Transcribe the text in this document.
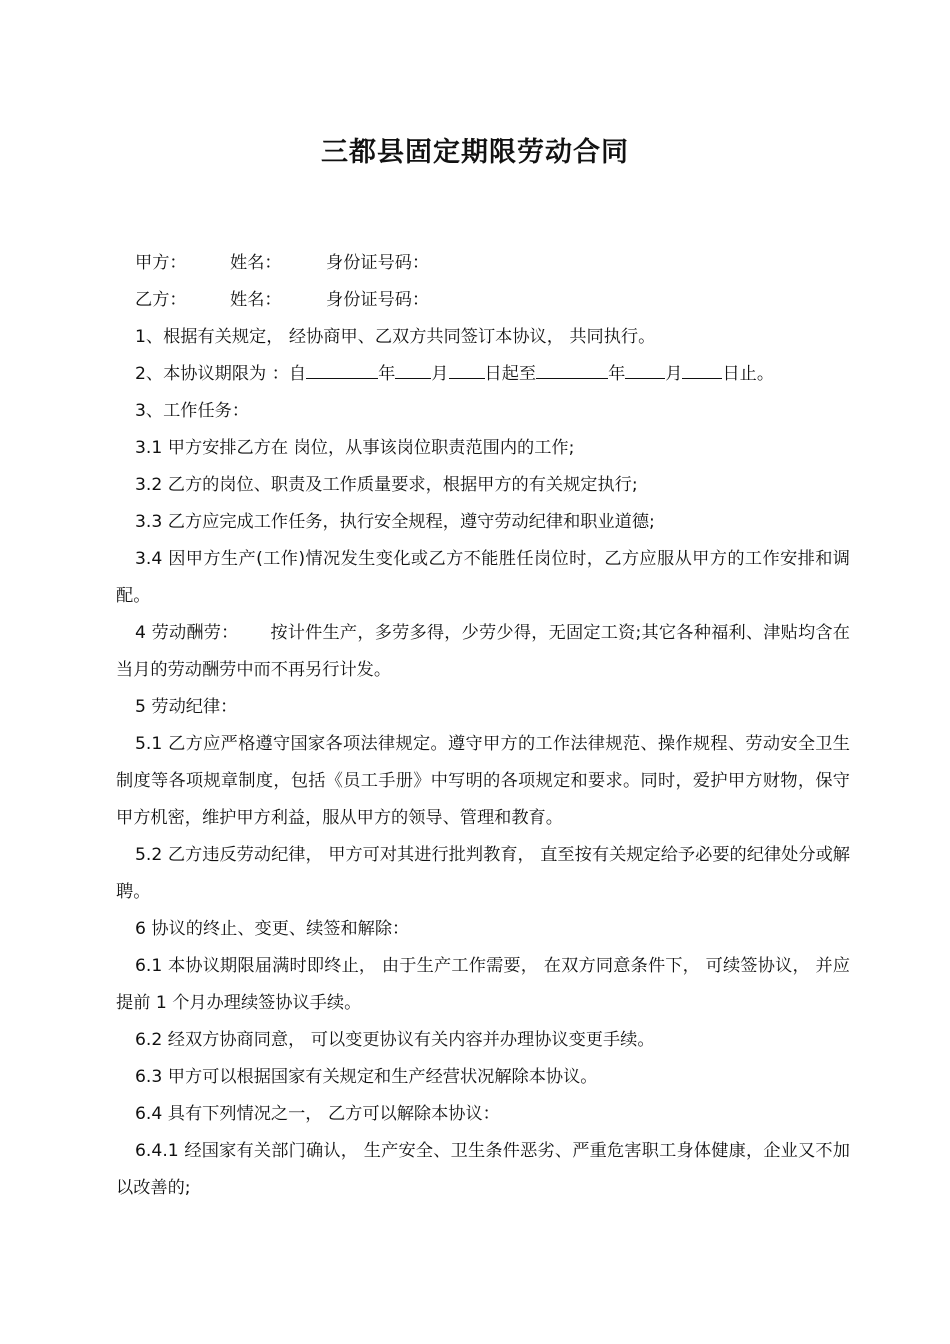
三都县固定期限劳动合同

甲方：	姓名：	身份证号码：

乙方：	姓名：	身份证号码：

1、根据有关规定， 经协商甲、乙双方共同签订本协议， 共同执行。

2、本协议期限为 ：自	年 月 日起至	年 月 日止。

3、工作任务：

3.1 甲方安排乙方在 岗位，从事该岗位职责范围内的工作;

3.2 乙方的岗位、职责及工作质量要求，根据甲方的有关规定执行;

3.3 乙方应完成工作任务，执行安全规程，遵守劳动纪律和职业道德;

3.4 因甲方生产(工作)情况发生变化或乙方不能胜任岗位时，乙方应服从甲方的工作安排和调配。

4 劳动酬劳：　　 按计件生产，多劳多得，少劳少得，无固定工资;其它各种福利、津贴均含在当月的劳动酬劳中而不再另行计发。

5 劳动纪律：

5.1 乙方应严格遵守国家各项法律规定。遵守甲方的工作法律规范、操作规程、劳动安全卫生制度等各项规章制度，包括《员工手册》中写明的各项规定和要求。同时，爱护甲方财物，保守甲方机密，维护甲方利益，服从甲方的领导、管理和教育。

5.2 乙方违反劳动纪律， 甲方可对其进行批判教育， 直至按有关规定给予必要的纪律处分或解聘。

6 协议的终止、变更、续签和解除：

6.1 本协议期限届满时即终止， 由于生产工作需要， 在双方同意条件下， 可续签协议， 并应提前 1 个月办理续签协议手续。

6.2 经双方协商同意， 可以变更协议有关内容并办理协议变更手续。

6.3 甲方可以根据国家有关规定和生产经营状况解除本协议。

6.4 具有下列情况之一， 乙方可以解除本协议：

6.4.1 经国家有关部门确认， 生产安全、卫生条件恶劣、严重危害职工身体健康，企业又不加以改善的;
